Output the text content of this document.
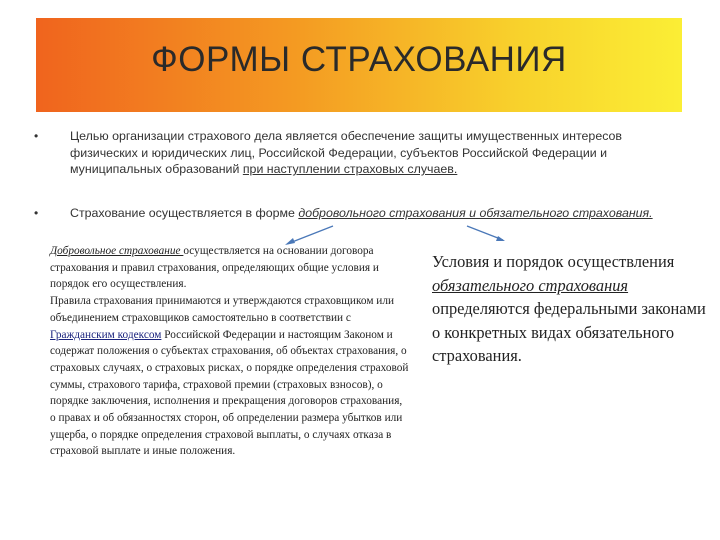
ФОРМЫ СТРАХОВАНИЯ
•	Целью организации страхового дела является обеспечение защиты имущественных интересов физических и юридических лиц, Российской Федерации, субъектов Российской Федерации и муниципальных образований при наступлении страховых случаев.
•	Страхование осуществляется в форме добровольного страхования и обязательного страхования.
Добровольное страхование осуществляется на основании договора страхования и правил страхования, определяющих общие условия и порядок его осуществления.
Правила страхования принимаются и утверждаются страховщиком или объединением страховщиков самостоятельно в соответствии с Гражданским кодексом Российской Федерации и настоящим Законом и содержат положения о субъектах страхования, об объектах страхования, о страховых случаях, о страховых рисках, о порядке определения страховой суммы, страхового тарифа, страховой премии (страховых взносов), о порядке заключения, исполнения и прекращения договоров страхования, о правах и об обязанностях сторон, об определении размера убытков или ущерба, о порядке определения страховой выплаты, о случаях отказа в страховой выплате и иные положения.
Условия и порядок осуществления обязательного страхования определяются федеральными законами о конкретных видах обязательного страхования.
